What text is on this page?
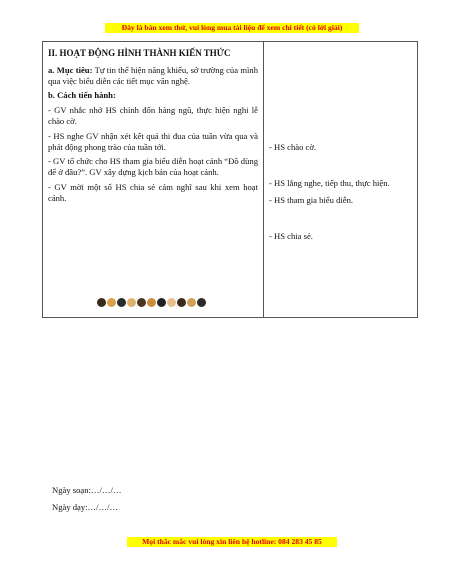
Đây là bản xem thử, vui lòng mua tài liệu để xem chi tiết (có lời giải)
II. HOẠT ĐỘNG HÌNH THÀNH KIẾN THỨC

a. Mục tiêu: Tự tin thể hiện năng khiếu, sở trường của mình qua việc biểu diễn các tiết mục văn nghệ.

b. Cách tiến hành:

- GV nhắc nhở HS chỉnh đốn hàng ngũ, thực hiện nghi lễ chào cờ.

- HS nghe GV nhận xét kết quả thi đua của tuần vừa qua và phát động phong trào của tuần tới.

- GV tổ chức cho HS tham gia biểu diễn hoạt cảnh “Đồ dùng để ở đâu?”. GV xây dựng kịch bản của hoạt cảnh.

- GV mời một số HS chia sẻ cảm nghĩ sau khi xem hoạt cảnh.

- HS chào cờ.
- HS lắng nghe, tiếp thu, thực hiện.
- HS tham gia biểu diễn.
- HS chia sẻ.
Ngày soạn:…/…/…
Ngày dạy:…/…/…
Mọi thắc mắc vui lòng xin liên hệ hotline: 084 283 45 85
